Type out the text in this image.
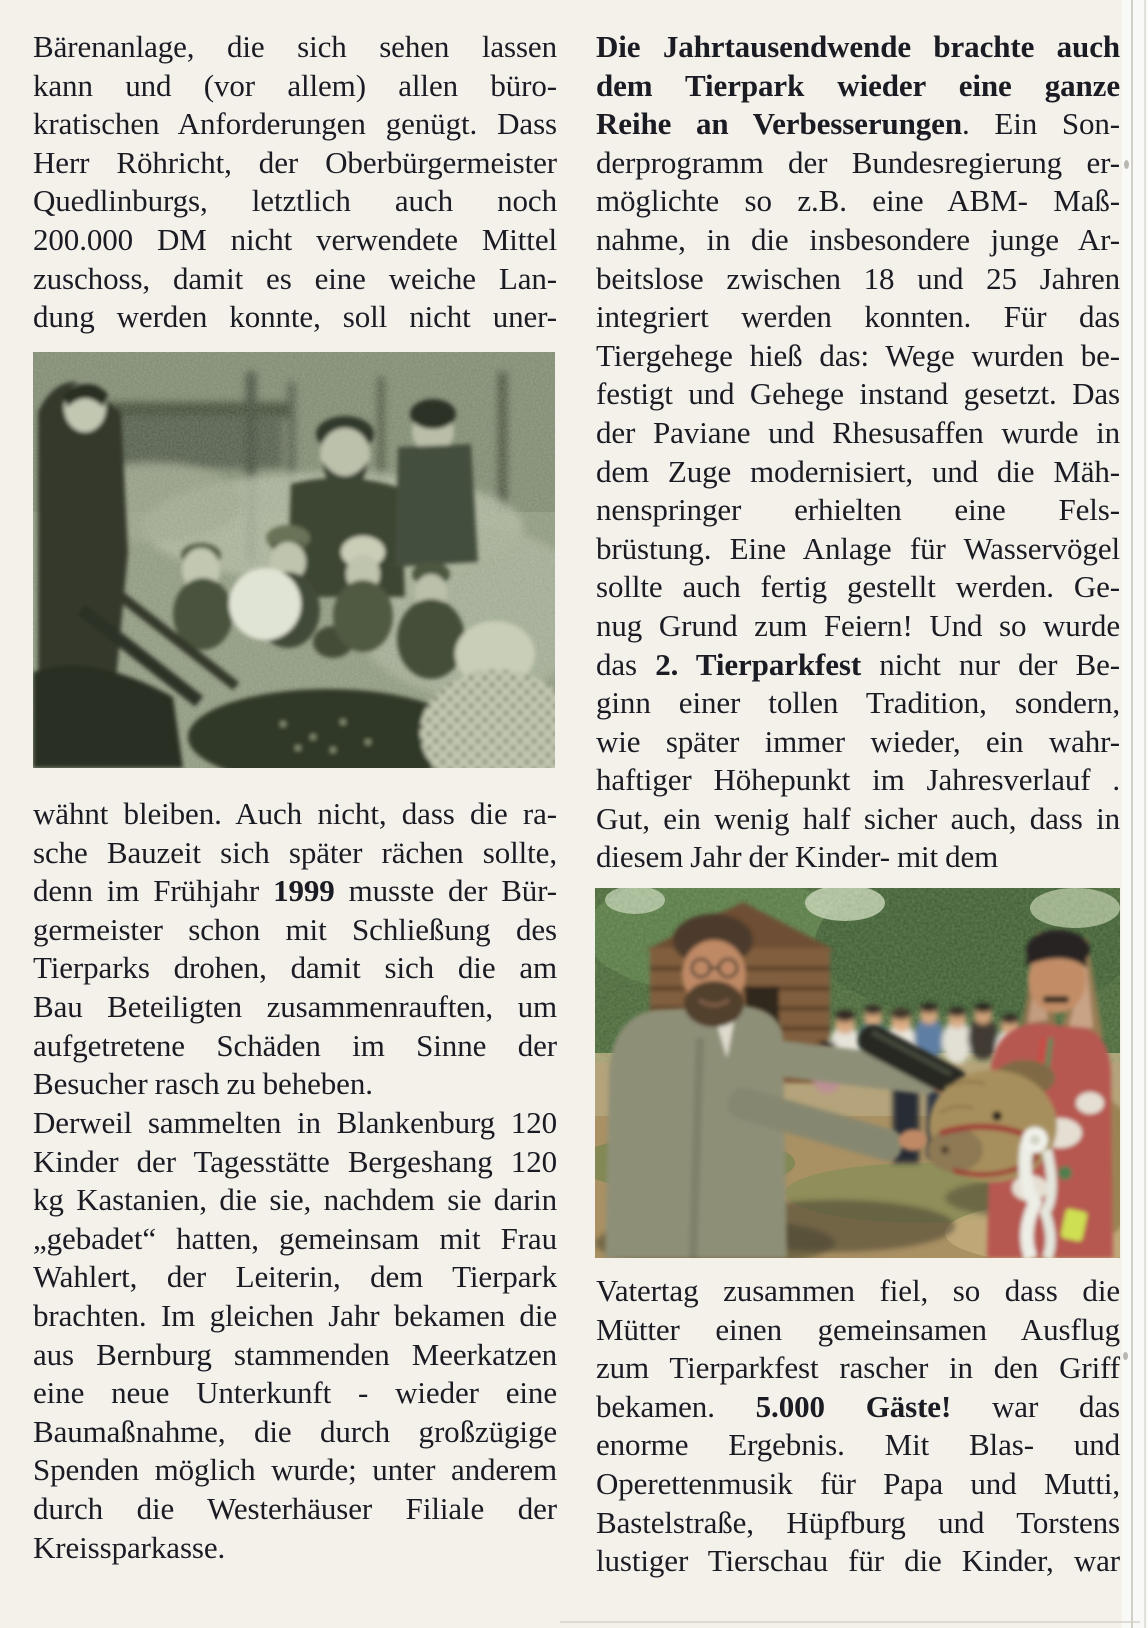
Bärenanlage, die sich sehen lassen
kann und (vor allem) allen büro-
kratischen Anforderungen genügt. Dass
Herr Röhricht, der Oberbürgermeister
Quedlinburgs, letztlich auch noch
200.000 DM nicht verwendete Mittel
zuschoss, damit es eine weiche Lan-
dung werden konnte, soll nicht uner-
wähnt bleiben. Auch nicht, dass die ra-
sche Bauzeit sich später rächen sollte,
denn im Frühjahr 1999 musste der Bür-
germeister schon mit Schließung des
Tierparks drohen, damit sich die am
Bau Beteiligten zusammenrauften, um
aufgetretene Schäden im Sinne der
Besucher rasch zu beheben.
Derweil sammelten in Blankenburg 120
Kinder der Tagesstätte Bergeshang 120
kg Kastanien, die sie, nachdem sie darin
„gebadet“ hatten, gemeinsam mit Frau
Wahlert, der Leiterin, dem Tierpark
brachten. Im gleichen Jahr bekamen die
aus Bernburg stammenden Meerkatzen
eine neue Unterkunft - wieder eine
Baumaßnahme, die durch großzügige
Spenden möglich wurde; unter anderem
durch die Westerhäuser Filiale der
Kreissparkasse.
Die Jahrtausendwende brachte auch
dem Tierpark wieder eine ganze
Reihe an Verbesserungen. Ein Son-
derprogramm der Bundesregierung er-
möglichte so z.B. eine ABM- Maß-
nahme, in die insbesondere junge Ar-
beitslose zwischen 18 und 25 Jahren
integriert werden konnten. Für das
Tiergehege hieß das: Wege wurden be-
festigt und Gehege instand gesetzt. Das
der Paviane und Rhesusaffen wurde in
dem Zuge modernisiert, und die Mäh-
nenspringer erhielten eine Fels-
brüstung. Eine Anlage für Wasservögel
sollte auch fertig gestellt werden. Ge-
nug Grund zum Feiern! Und so wurde
das 2. Tierparkfest nicht nur der Be-
ginn einer tollen Tradition, sondern,
wie später immer wieder, ein wahr-
haftiger Höhepunkt im Jahresverlauf .
Gut, ein wenig half sicher auch, dass in
diesem Jahr der Kinder- mit dem
Vatertag zusammen fiel, so dass die
Mütter einen gemeinsamen Ausflug
zum Tierparkfest rascher in den Griff
bekamen. 5.000 Gäste! war das
enorme Ergebnis. Mit Blas- und
Operettenmusik für Papa und Mutti,
Bastelstraße, Hüpfburg und Torstens
lustiger Tierschau für die Kinder, war
